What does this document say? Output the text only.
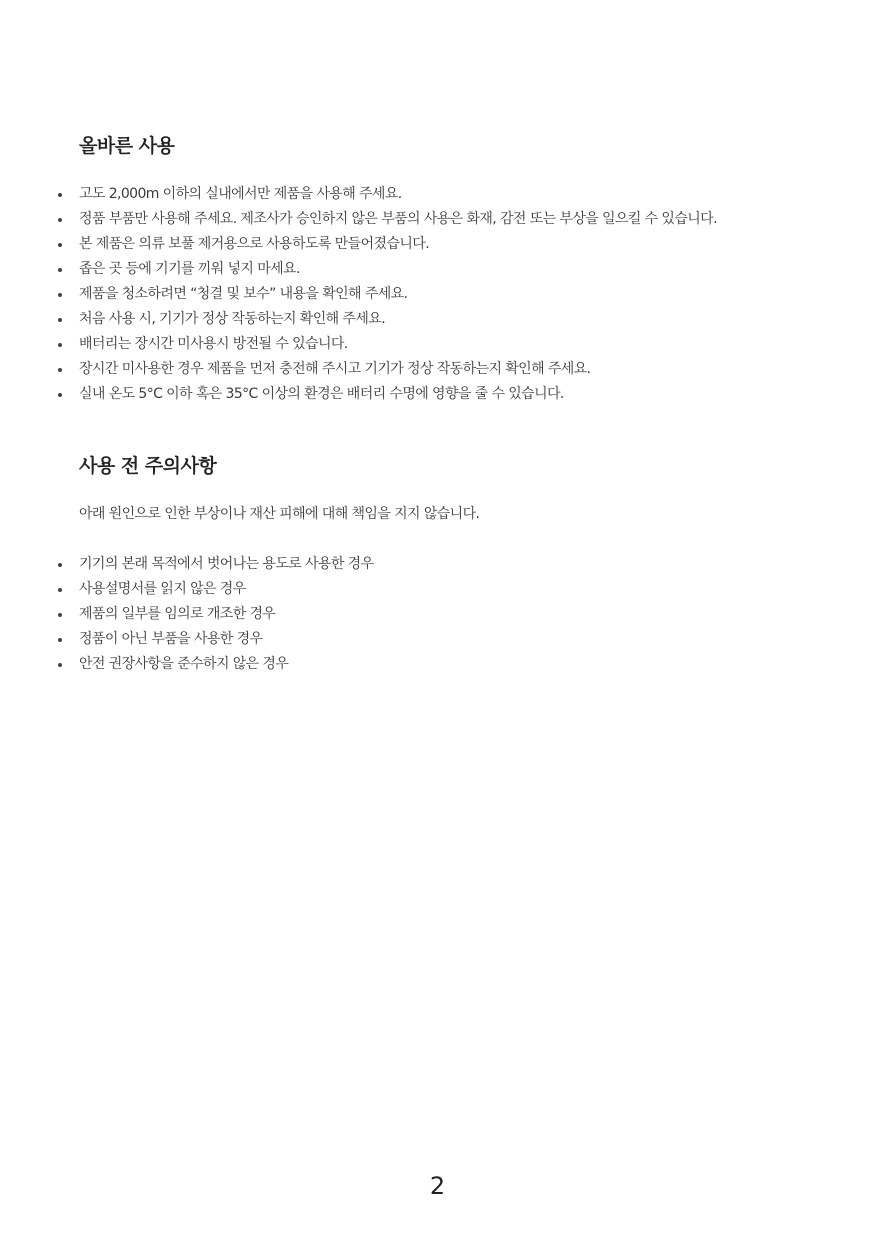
올바른 사용
고도 2,000m 이하의 실내에서만 제품을 사용해 주세요.
정품 부품만 사용해 주세요. 제조사가 승인하지 않은 부품의 사용은 화재, 감전 또는 부상을 일으킬 수 있습니다.
본 제품은 의류 보풀 제거용으로 사용하도록 만들어졌습니다.
좁은 곳 등에 기기를 끼워 넣지 마세요.
제품을 청소하려면 “청결 및 보수” 내용을 확인해 주세요.
처음 사용 시, 기기가 정상 작동하는지 확인해 주세요.
배터리는 장시간 미사용시 방전될 수 있습니다.
장시간 미사용한 경우 제품을 먼저 충전해 주시고 기기가 정상 작동하는지 확인해 주세요.
실내 온도 5°C 이하 혹은 35°C 이상의 환경은 배터리 수명에 영향을 줄 수 있습니다.
사용 전 주의사항

아래 원인으로 인한 부상이나 재산 피해에 대해 책임을 지지 않습니다.

기기의 본래 목적에서 벗어나는 용도로 사용한 경우
사용설명서를 읽지 않은 경우
제품의 일부를 임의로 개조한 경우
정품이 아닌 부품을 사용한 경우
안전 권장사항을 준수하지 않은 경우
2
